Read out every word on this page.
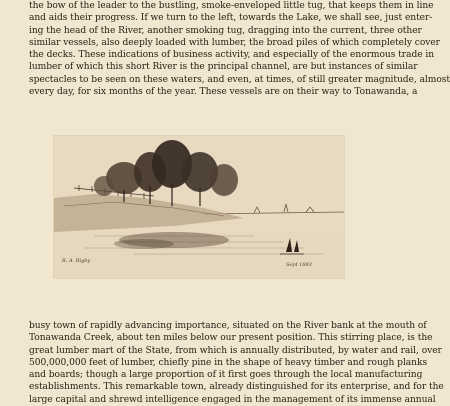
the bow of the leader to the bustling, smoke-enveloped little tug, that keeps them in line
and aids their progress. If we turn to the left, towards the Lake, we shall see, just enter-
ing the head of the River, another smoking tug, dragging into the current, three other
similar vessels, also deeply loaded with lumber, the broad piles of which completely cover
the decks. These indications of business activity, and especially of the enormous trade in
lumber of which this short River is the principal channel, are but instances of similar
spectacles to be seen on these waters, and even, at times, of still greater magnitude, almost
every day, for six months of the year. These vessels are on their way to Tonawanda, a
R. A. Rigby
Sept 1883
busy town of rapidly advancing importance, situated on the River bank at the mouth of
Tonawanda Creek, about ten miles below our present position. This stirring place, is the
great lumber mart of the State, from which is annually distributed, by water and rail, over
500,000,000 feet of lumber, chiefly pine in the shape of heavy timber and rough planks
and boards; though a large proportion of it first goes through the local manufacturing
establishments. This remarkable town, already distinguished for its enterprise, and for the
large capital and shrewd intelligence engaged in the management of its immense annual
